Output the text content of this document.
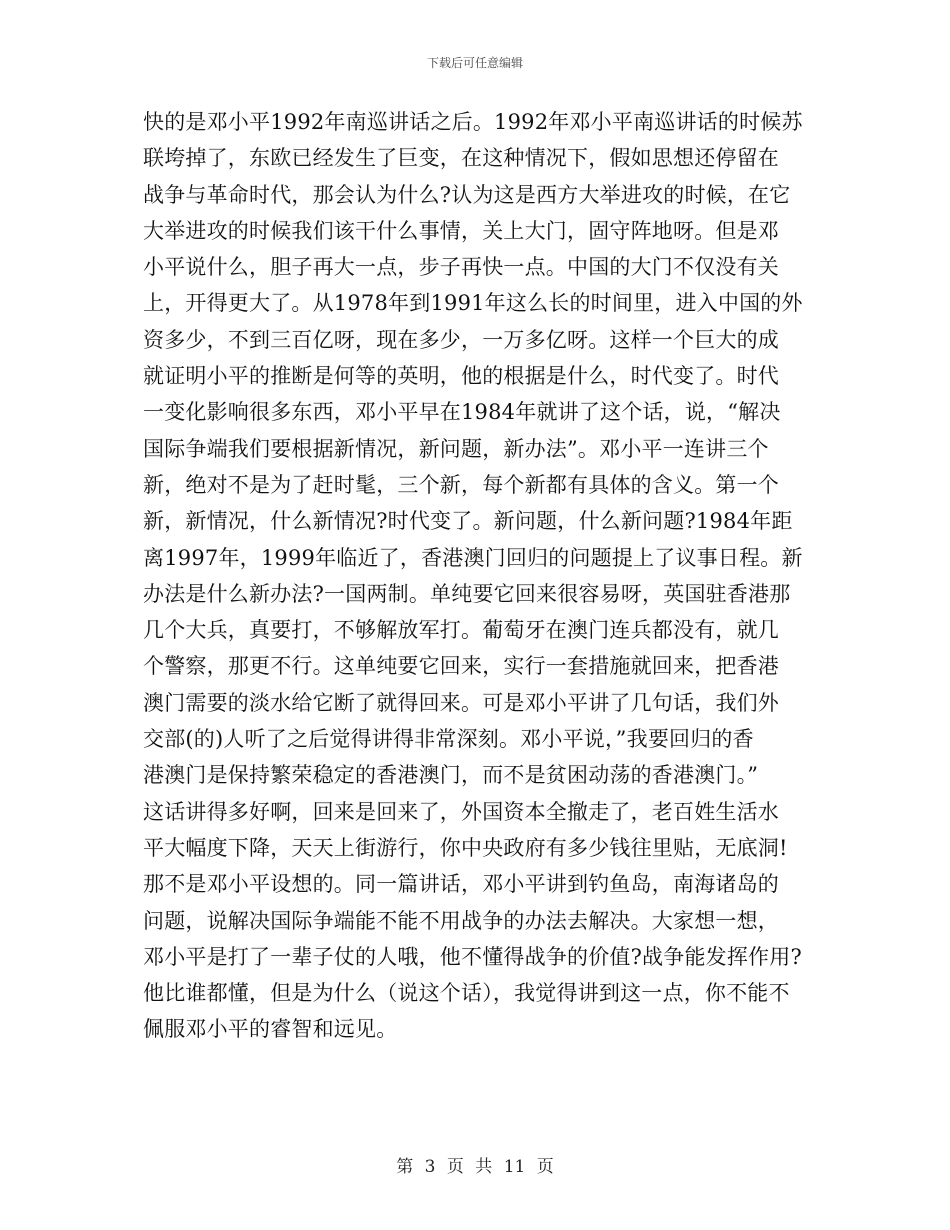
下载后可任意编辑
快的是邓小平1992年南巡讲话之后。1992年邓小平南巡讲话的时候苏
联垮掉了，东欧已经发生了巨变，在这种情况下，假如思想还停留在
战争与革命时代，那会认为什么?认为这是西方大举进攻的时候，在它
大举进攻的时候我们该干什么事情，关上大门，固守阵地呀。但是邓
小平说什么，胆子再大一点，步子再快一点。中国的大门不仅没有关
上，开得更大了。从1978年到1991年这么长的时间里，进入中国的外
资多少，不到三百亿呀，现在多少，一万多亿呀。这样一个巨大的成
就证明小平的推断是何等的英明，他的根据是什么，时代变了。时代
一变化影响很多东西，邓小平早在1984年就讲了这个话，说，“解决
国际争端我们要根据新情况，新问题，新办法”。邓小平一连讲三个
新，绝对不是为了赶时髦，三个新，每个新都有具体的含义。第一个
新，新情况，什么新情况?时代变了。新问题，什么新问题?1984年距
离1997年，1999年临近了，香港澳门回归的问题提上了议事日程。新
办法是什么新办法?一国两制。单纯要它回来很容易呀，英国驻香港那
几个大兵，真要打，不够解放军打。葡萄牙在澳门连兵都没有，就几
个警察，那更不行。这单纯要它回来，实行一套措施就回来，把香港
澳门需要的淡水给它断了就得回来。可是邓小平讲了几句话，我们外
交部(的)人听了之后觉得讲得非常深刻。邓小平说，”我要回归的香
港澳门是保持繁荣稳定的香港澳门，而不是贫困动荡的香港澳门。”
这话讲得多好啊，回来是回来了，外国资本全撤走了，老百姓生活水
平大幅度下降，天天上街游行，你中央政府有多少钱往里贴，无底洞!
那不是邓小平设想的。同一篇讲话，邓小平讲到钓鱼岛，南海诸岛的
问题，说解决国际争端能不能不用战争的办法去解决。大家想一想，
邓小平是打了一辈子仗的人哦，他不懂得战争的价值?战争能发挥作用?
他比谁都懂，但是为什么（说这个话），我觉得讲到这一点，你不能不
佩服邓小平的睿智和远见。
第 3 页 共 11 页
